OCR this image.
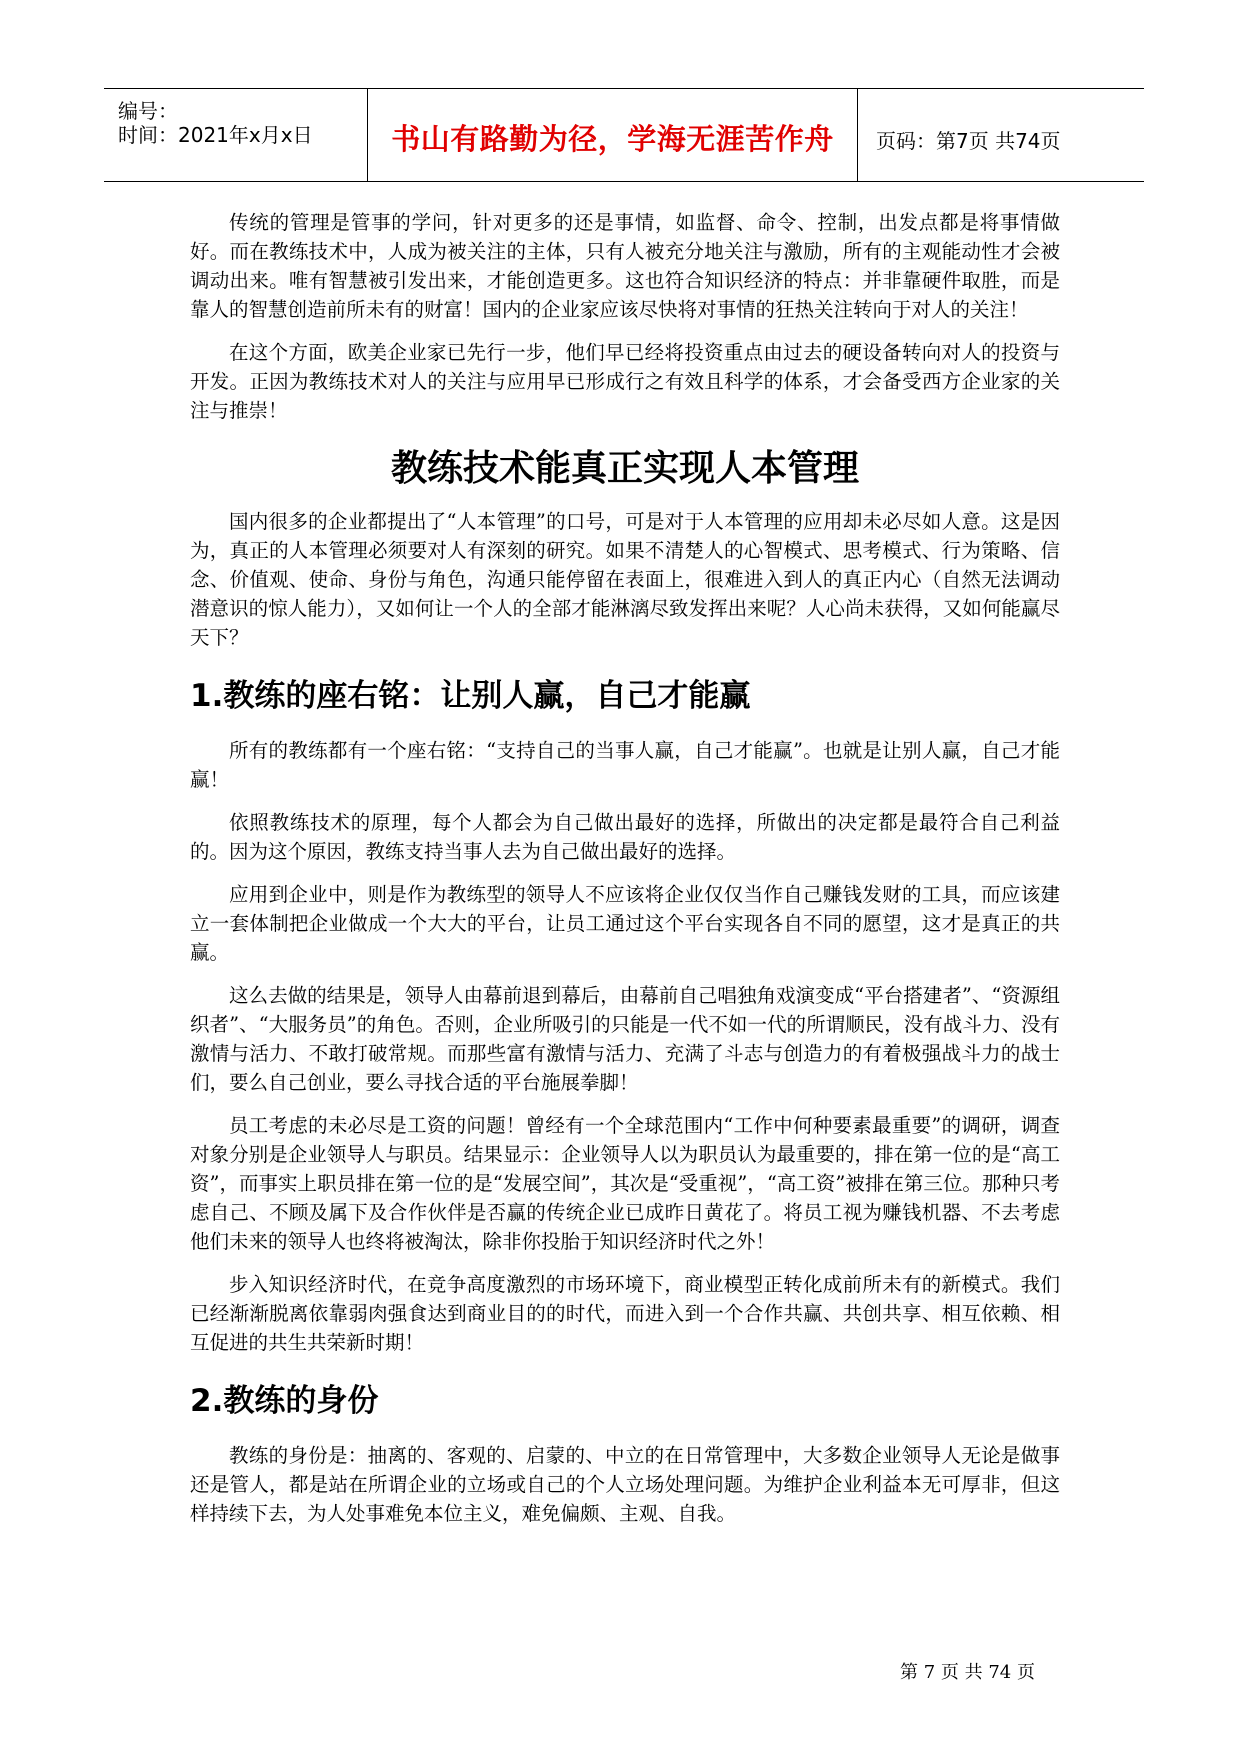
编号：
时间：2021年x月x日	书山有路勤为径，学海无涯苦作舟	页码：第7页 共74页

传统的管理是管事的学问，针对更多的还是事情，如监督、命令、控制，出发点都是将事情做好。而在教练技术中，人成为被关注的主体，只有人被充分地关注与激励，所有的主观能动性才会被调动出来。唯有智慧被引发出来，才能创造更多。这也符合知识经济的特点：并非靠硬件取胜，而是靠人的智慧创造前所未有的财富！国内的企业家应该尽快将对事情的狂热关注转向于对人的关注！

在这个方面，欧美企业家已先行一步，他们早已经将投资重点由过去的硬设备转向对人的投资与开发。正因为教练技术对人的关注与应用早已形成行之有效且科学的体系，才会备受西方企业家的关注与推崇！

教练技术能真正实现人本管理

国内很多的企业都提出了“人本管理”的口号，可是对于人本管理的应用却未必尽如人意。这是因为，真正的人本管理必须要对人有深刻的研究。如果不清楚人的心智模式、思考模式、行为策略、信念、价值观、使命、身份与角色，沟通只能停留在表面上，很难进入到人的真正内心（自然无法调动潜意识的惊人能力），又如何让一个人的全部才能淋漓尽致发挥出来呢？人心尚未获得，又如何能赢尽天下？

1.教练的座右铭：让别人赢，自己才能赢

所有的教练都有一个座右铭：“支持自己的当事人赢，自己才能赢”。也就是让别人赢，自己才能赢！

依照教练技术的原理，每个人都会为自己做出最好的选择，所做出的决定都是最符合自己利益的。因为这个原因，教练支持当事人去为自己做出最好的选择。

应用到企业中，则是作为教练型的领导人不应该将企业仅仅当作自己赚钱发财的工具，而应该建立一套体制把企业做成一个大大的平台，让员工通过这个平台实现各自不同的愿望，这才是真正的共赢。

这么去做的结果是，领导人由幕前退到幕后，由幕前自己唱独角戏演变成“平台搭建者”、“资源组织者”、“大服务员”的角色。否则，企业所吸引的只能是一代不如一代的所谓顺民，没有战斗力、没有激情与活力、不敢打破常规。而那些富有激情与活力、充满了斗志与创造力的有着极强战斗力的战士们，要么自己创业，要么寻找合适的平台施展拳脚！

员工考虑的未必尽是工资的问题！曾经有一个全球范围内“工作中何种要素最重要”的调研，调查对象分别是企业领导人与职员。结果显示：企业领导人以为职员认为最重要的，排在第一位的是“高工资”，而事实上职员排在第一位的是“发展空间”，其次是“受重视”，“高工资”被排在第三位。那种只考虑自己、不顾及属下及合作伙伴是否赢的传统企业已成昨日黄花了。将员工视为赚钱机器、不去考虑他们未来的领导人也终将被淘汰，除非你投胎于知识经济时代之外！

步入知识经济时代，在竞争高度激烈的市场环境下，商业模型正转化成前所未有的新模式。我们已经渐渐脱离依靠弱肉强食达到商业目的的时代，而进入到一个合作共赢、共创共享、相互依赖、相互促进的共生共荣新时期！

2.教练的身份

教练的身份是：抽离的、客观的、启蒙的、中立的在日常管理中，大多数企业领导人无论是做事还是管人，都是站在所谓企业的立场或自己的个人立场处理问题。为维护企业利益本无可厚非，但这样持续下去，为人处事难免本位主义，难免偏颇、主观、自我。

第 7 页 共 74 页
